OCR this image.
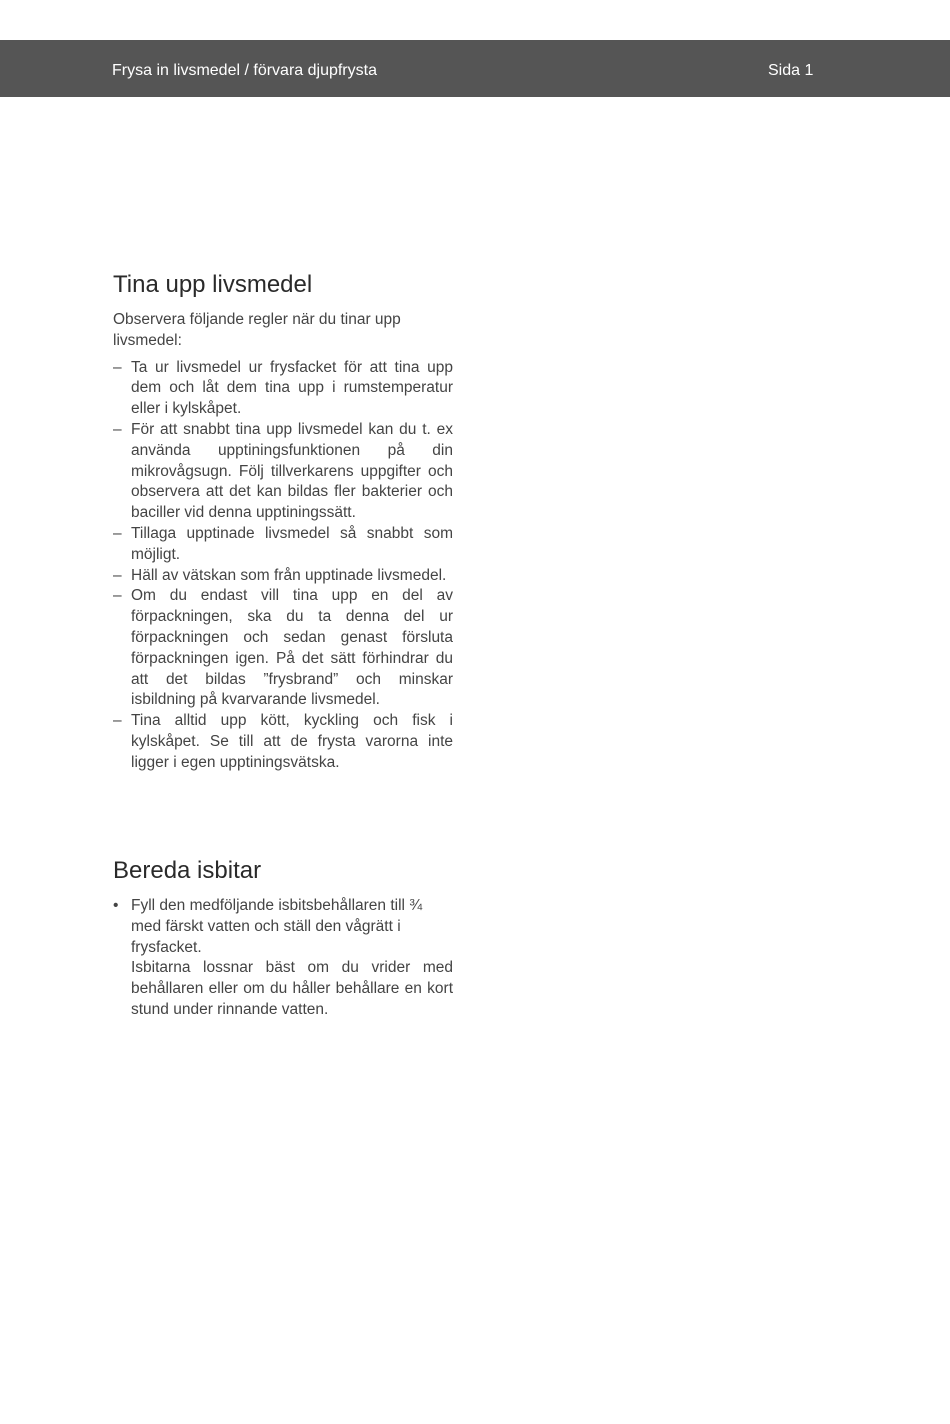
Frysa in livsmedel / förvara djupfrysta	Sida 1
Tina upp livsmedel

Observera följande regler när du tinar upp livsmedel:

– Ta ur livsmedel ur frysfacket för att tina upp dem och låt dem tina upp i rumstemperatur eller i kylskåpet.
– För att snabbt tina upp livsmedel kan du t. ex använda upptiningsfunktionen på din mikrovågsugn. Följ tillverkarens uppgifter och observera att det kan bildas fler bakterier och baciller vid denna upptiningssätt.
– Tillaga upptinade livsmedel så snabbt som möjligt.
– Häll av vätskan som från upptinade livsmedel.
– Om du endast vill tina upp en del av förpackningen, ska du ta denna del ur förpackningen och sedan genast försluta förpackningen igen. På det sätt förhindrar du att det bildas ”frysbrand” och minskar isbildning på kvarvarande livsmedel.
– Tina alltid upp kött, kyckling och fisk i kylskåpet. Se till att de frysta varorna inte ligger i egen upptiningsvätska.
Bereda isbitar
• Fyll den medföljande isbitsbehållaren till ¾ med färskt vatten och ställ den vågrätt i frysfacket.
Isbitarna lossnar bäst om du vrider med behållaren eller om du håller behållare en kort stund under rinnande vatten.
